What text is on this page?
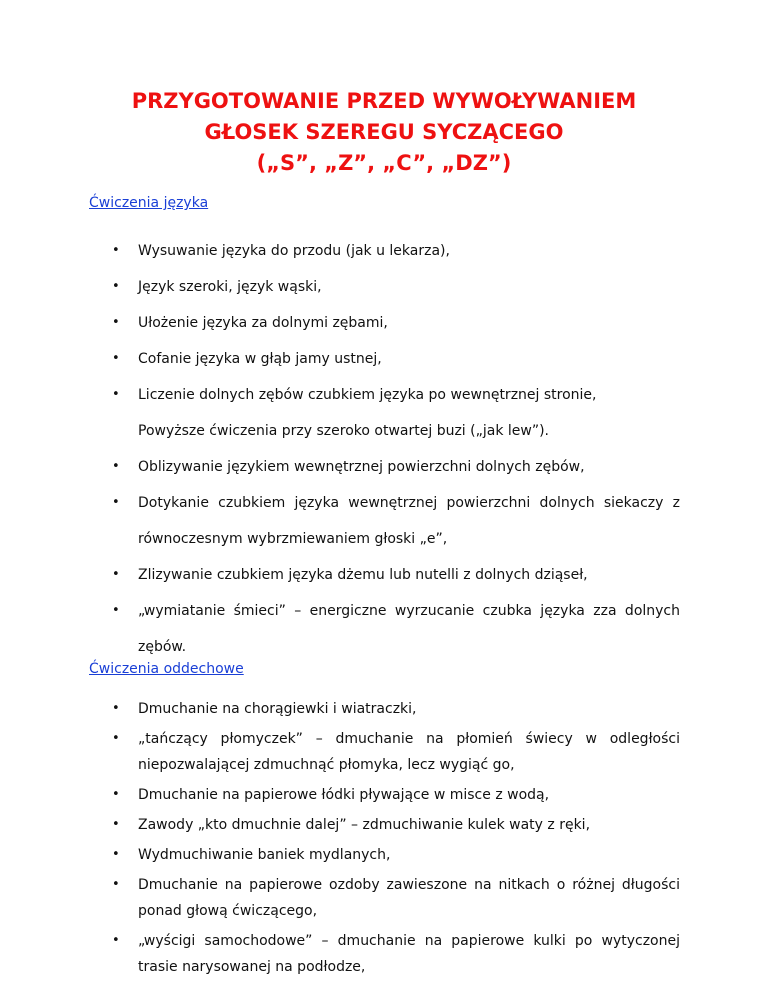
PRZYGOTOWANIE PRZED WYWOŁYWANIEM
GŁOSEK SZEREGU SYCZĄCEGO
(„S”, „Z”, „C”, „DZ”)
Ćwiczenia języka
• Wysuwanie języka do przodu (jak u lekarza),
• Język szeroki, język wąski,
• Ułożenie języka za dolnymi zębami,
• Cofanie języka w głąb jamy ustnej,
• Liczenie dolnych zębów czubkiem języka po wewnętrznej stronie,
Powyższe ćwiczenia przy szeroko otwartej buzi („jak lew”).
• Oblizywanie językiem wewnętrznej powierzchni dolnych zębów,
• Dotykanie czubkiem języka wewnętrznej powierzchni dolnych siekaczy z
równoczesnym wybrzmiewaniem głoski „e”,
• Zlizywanie czubkiem języka dżemu lub nutelli z dolnych dziąseł,
• „wymiatanie śmieci” – energiczne wyrzucanie czubka języka zza dolnych
zębów.
Ćwiczenia oddechowe
• Dmuchanie na chorągiewki i wiatraczki,
• „tańczący płomyczek” – dmuchanie na płomień świecy w odległości
niepozwalającej zdmuchnąć płomyka, lecz wygiąć go,
• Dmuchanie na papierowe łódki pływające w misce z wodą,
• Zawody „kto dmuchnie dalej” – zdmuchiwanie kulek waty z ręki,
• Wydmuchiwanie baniek mydlanych,
• Dmuchanie na papierowe ozdoby zawieszone na nitkach o różnej długości
ponad głową ćwiczącego,
• „wyścigi samochodowe” – dmuchanie na papierowe kulki po wytyczonej
trasie narysowanej na podłodze,
